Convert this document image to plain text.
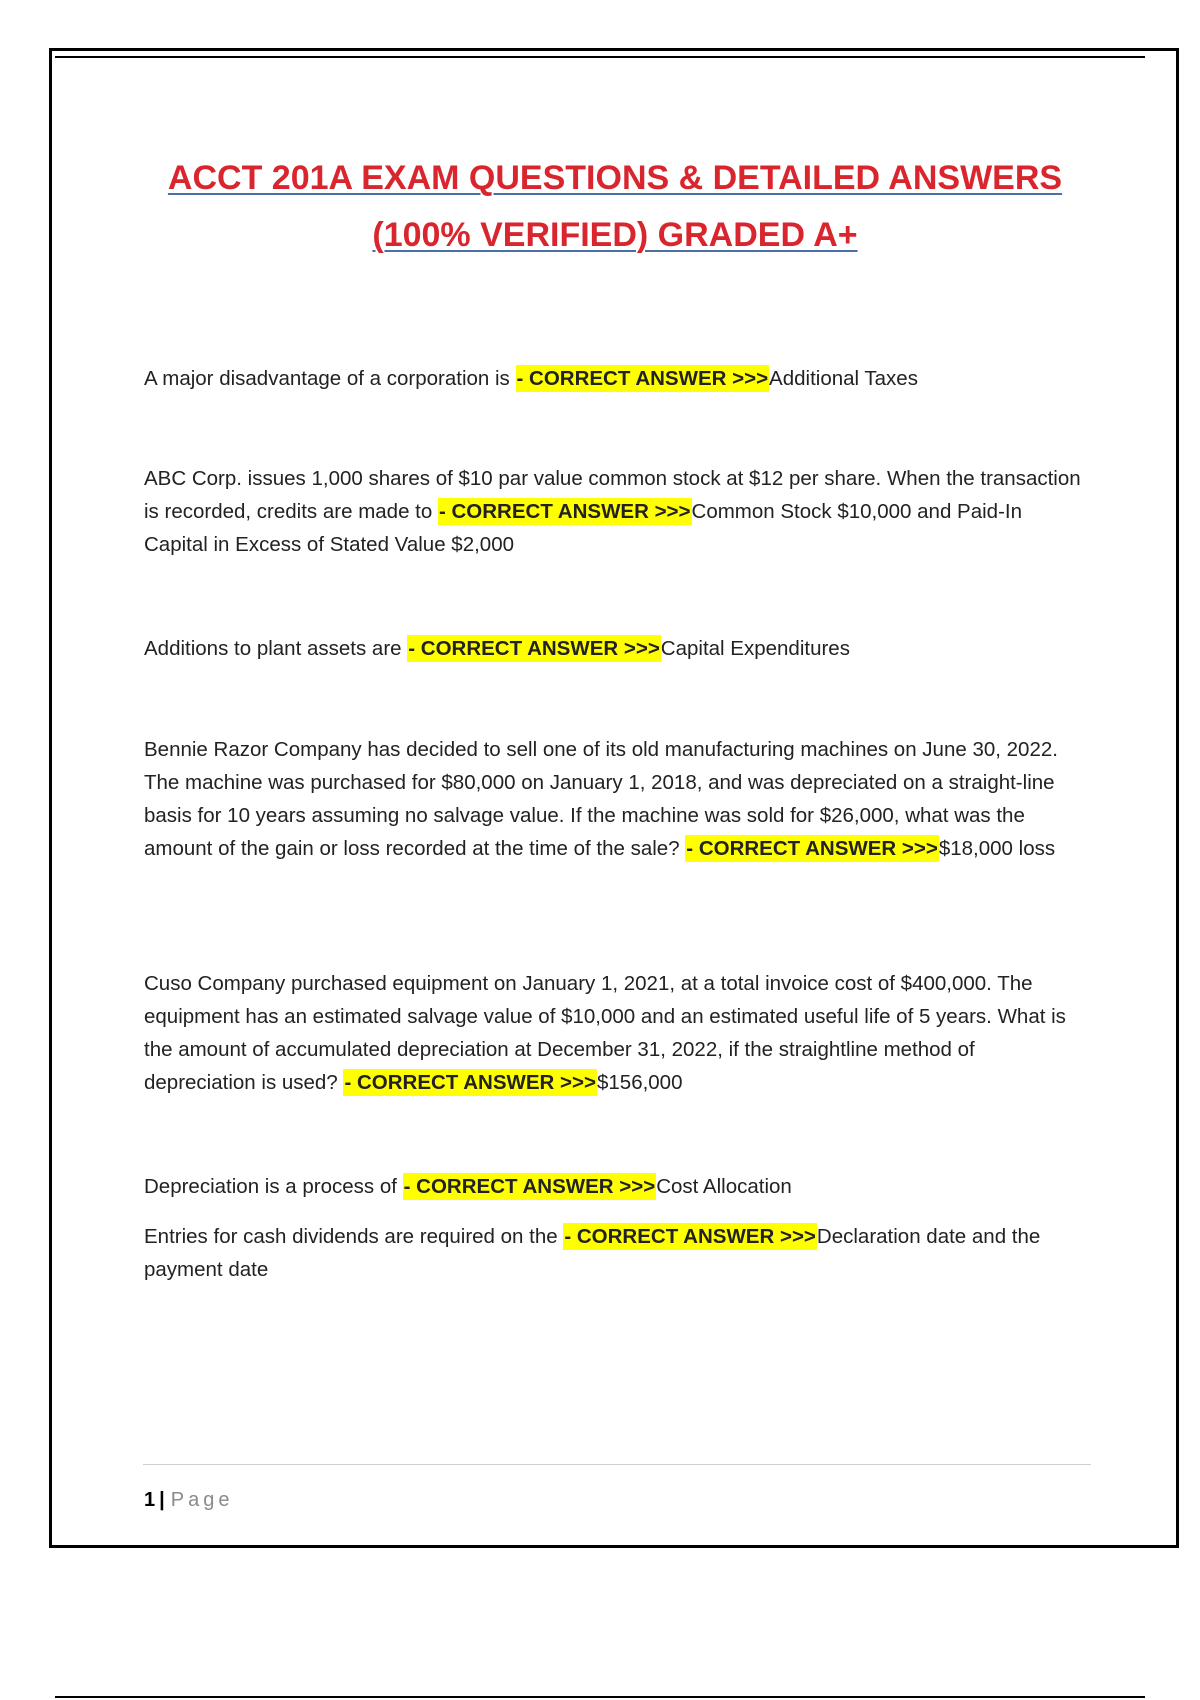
ACCT 201A EXAM QUESTIONS & DETAILED ANSWERS
(100% VERIFIED) GRADED A+
A major disadvantage of a corporation is - CORRECT ANSWER >>>Additional Taxes
ABC Corp. issues 1,000 shares of $10 par value common stock at $12 per share. When the transaction is recorded, credits are made to - CORRECT ANSWER >>>Common Stock $10,000 and Paid-In Capital in Excess of Stated Value $2,000
Additions to plant assets are - CORRECT ANSWER >>>Capital Expenditures
Bennie Razor Company has decided to sell one of its old manufacturing machines on June 30, 2022. The machine was purchased for $80,000 on January 1, 2018, and was depreciated on a straight-line basis for 10 years assuming no salvage value. If the machine was sold for $26,000, what was the amount of the gain or loss recorded at the time of the sale? - CORRECT ANSWER >>>$18,000 loss
Cuso Company purchased equipment on January 1, 2021, at a total invoice cost of $400,000. The equipment has an estimated salvage value of $10,000 and an estimated useful life of 5 years. What is the amount of accumulated depreciation at December 31, 2022, if the straightline method of depreciation is used? - CORRECT ANSWER >>>$156,000
Depreciation is a process of - CORRECT ANSWER >>>Cost Allocation
Entries for cash dividends are required on the - CORRECT ANSWER >>>Declaration date and the payment date
1 | Page
